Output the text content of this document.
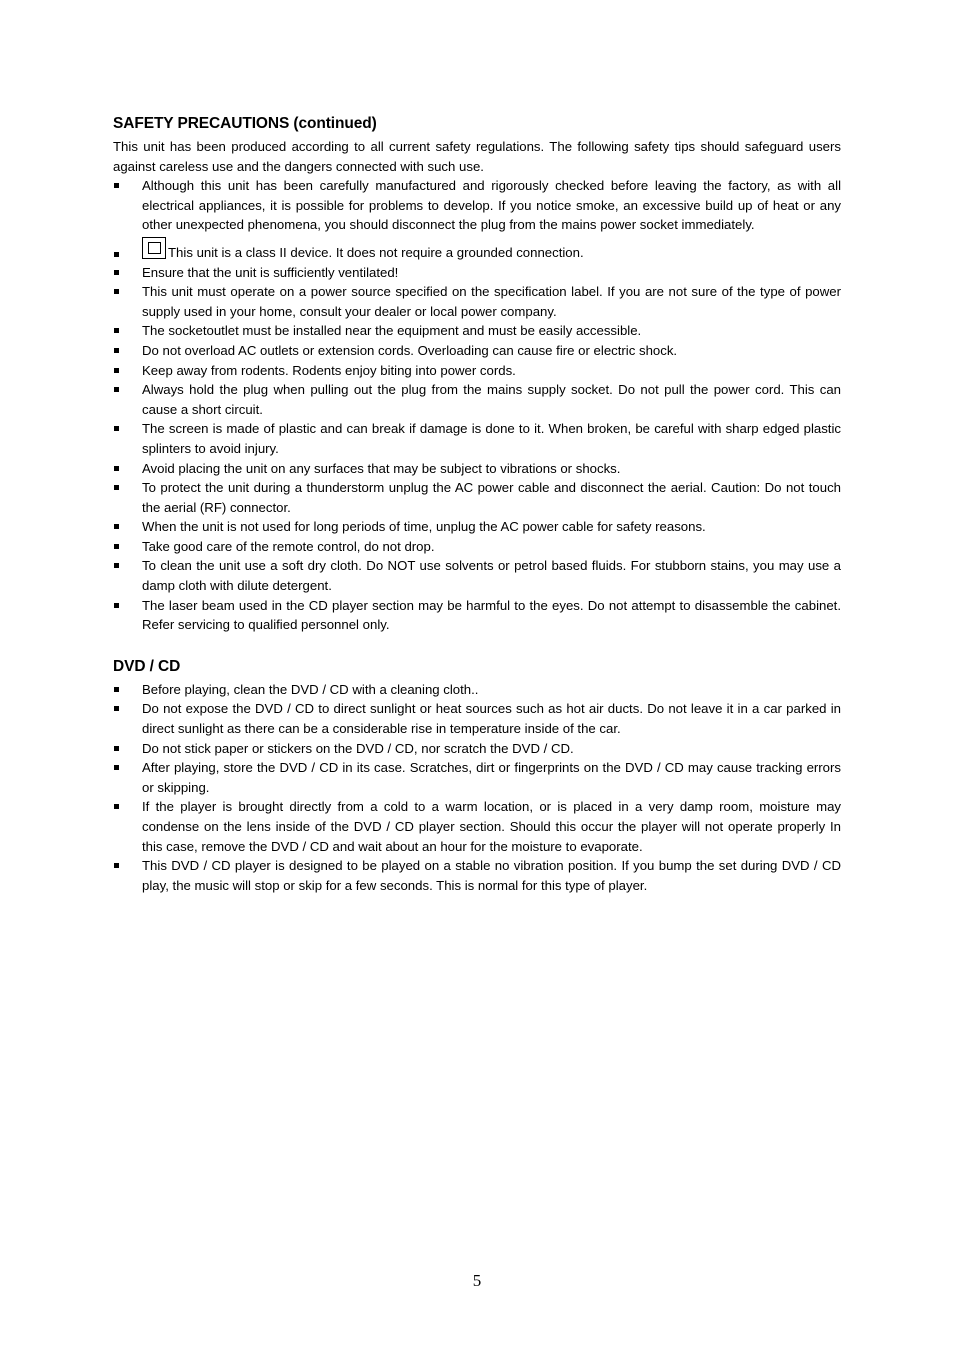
SAFETY PRECAUTIONS (continued)

This unit has been produced according to all current safety regulations. The following safety tips should safeguard users against careless use and the dangers connected with such use.

Although this unit has been carefully manufactured and rigorously checked before leaving the factory, as with all electrical appliances, it is possible for problems to develop. If you notice smoke, an excessive build up of heat or any other unexpected phenomena, you should disconnect the plug from the mains power socket immediately.
This unit is a class II device. It does not require a grounded connection.
Ensure that the unit is sufficiently ventilated!
This unit must operate on a power source specified on the specification label. If you are not sure of the type of power supply used in your home, consult your dealer or local power company.
The socketoutlet must be installed near the equipment and must be easily accessible.
Do not overload AC outlets or extension cords. Overloading can cause fire or electric shock.
Keep away from rodents. Rodents enjoy biting into power cords.
Always hold the plug when pulling out the plug from the mains supply socket. Do not pull the power cord. This can cause a short circuit.
The screen is made of plastic and can break if damage is done to it. When broken, be careful with sharp edged plastic splinters to avoid injury.
Avoid placing the unit on any surfaces that may be subject to vibrations or shocks.
To protect the unit during a thunderstorm unplug the AC power cable and disconnect the aerial. Caution: Do not touch the aerial (RF) connector.
When the unit is not used for long periods of time, unplug the AC power cable for safety reasons.
Take good care of the remote control, do not drop.
To clean the unit use a soft dry cloth. Do NOT use solvents or petrol based fluids. For stubborn stains, you may use a damp cloth with dilute detergent.
The laser beam used in the CD player section may be harmful to the eyes. Do not attempt to disassemble the cabinet. Refer servicing to qualified personnel only.
DVD / CD
Before playing, clean the DVD / CD with a cleaning cloth..
Do not expose the DVD / CD to direct sunlight or heat sources such as hot air ducts. Do not leave it in a car parked in direct sunlight as there can be a considerable rise in temperature inside of the car.
Do not stick paper or stickers on the DVD / CD, nor scratch the DVD / CD.
After playing, store the DVD / CD in its case. Scratches, dirt or fingerprints on the DVD / CD may cause tracking errors or skipping.
If the player is brought directly from a cold to a warm location, or is placed in a very damp room, moisture may condense on the lens inside of the DVD / CD player section. Should this occur the player will not operate properly In this case, remove the DVD / CD and wait about an hour for the moisture to evaporate.
This DVD / CD player is designed to be played on a stable no vibration position. If you bump the set during DVD / CD play, the music will stop or skip for a few seconds. This is normal for this type of player.
5
